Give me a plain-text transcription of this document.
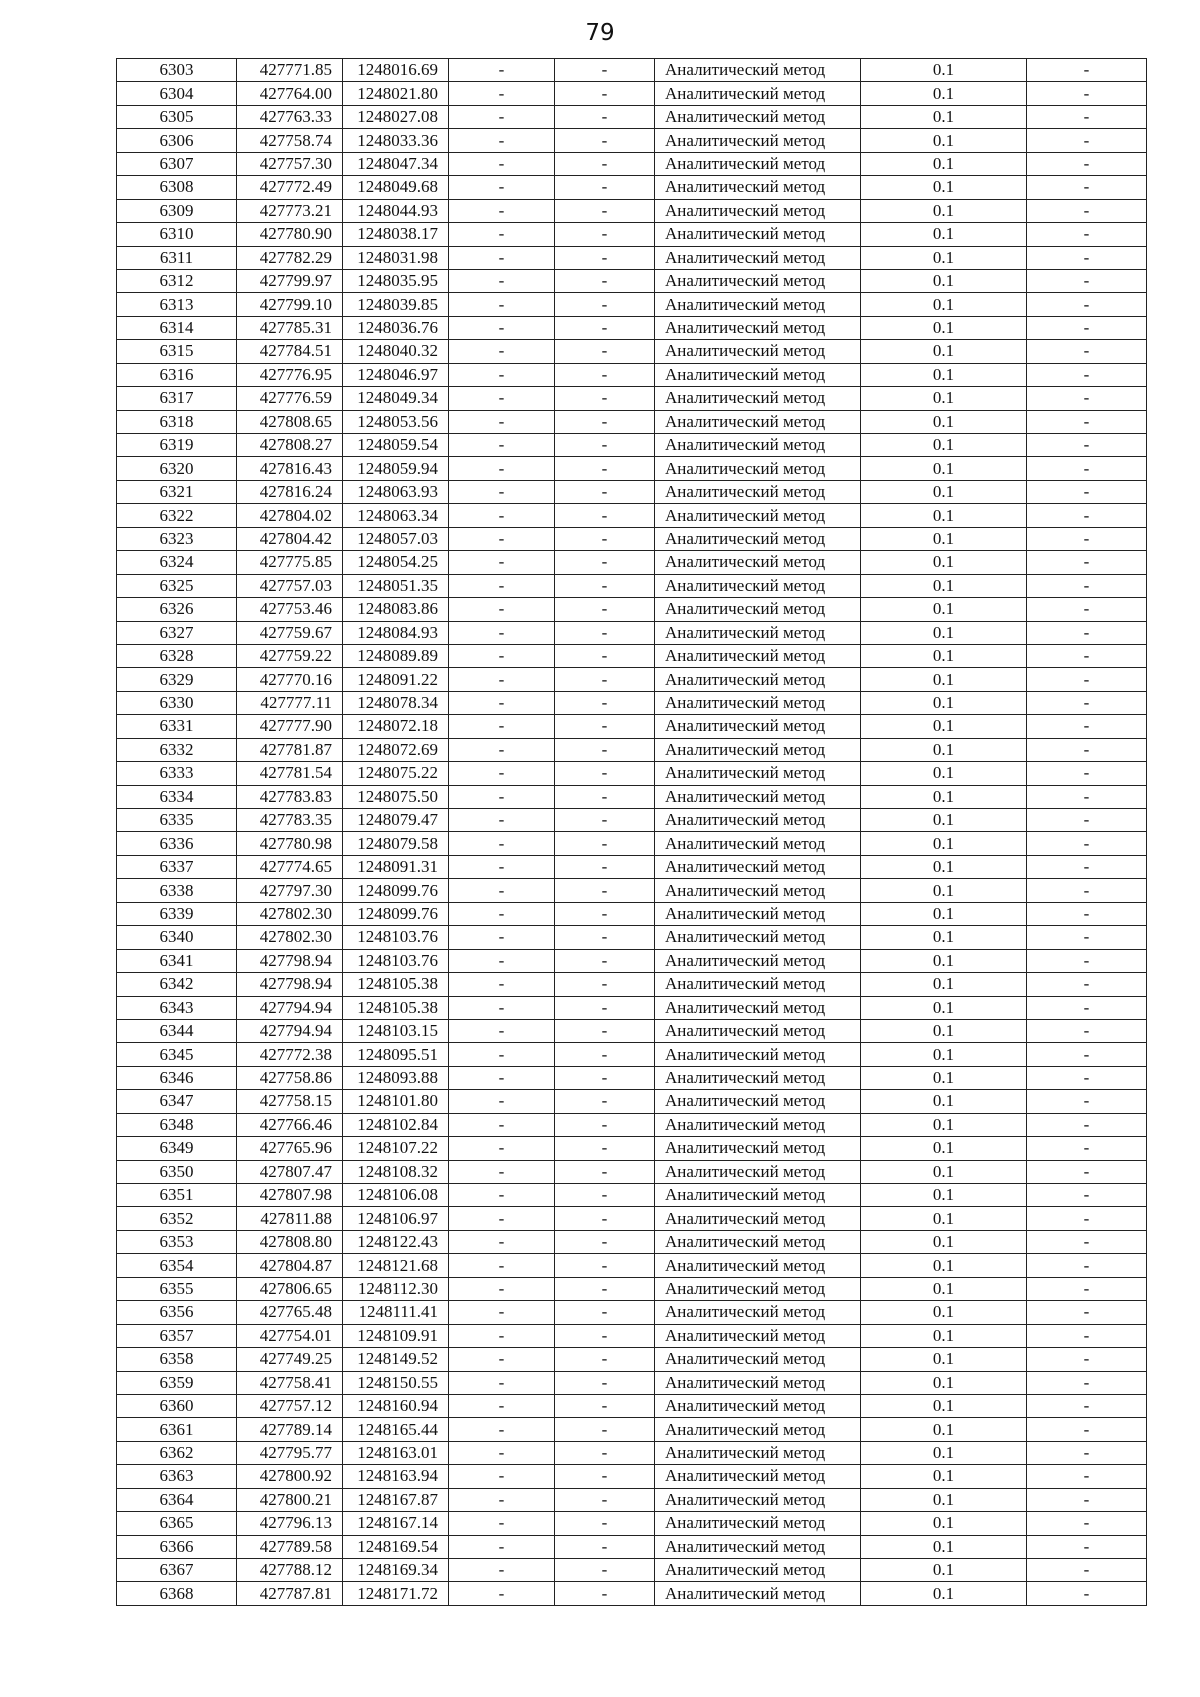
79
6303	427771.85	1248016.69	-	-	Аналитический метод	0.1	-
6304	427764.00	1248021.80	-	-	Аналитический метод	0.1	-
6305	427763.33	1248027.08	-	-	Аналитический метод	0.1	-
6306	427758.74	1248033.36	-	-	Аналитический метод	0.1	-
6307	427757.30	1248047.34	-	-	Аналитический метод	0.1	-
6308	427772.49	1248049.68	-	-	Аналитический метод	0.1	-
6309	427773.21	1248044.93	-	-	Аналитический метод	0.1	-
6310	427780.90	1248038.17	-	-	Аналитический метод	0.1	-
6311	427782.29	1248031.98	-	-	Аналитический метод	0.1	-
6312	427799.97	1248035.95	-	-	Аналитический метод	0.1	-
6313	427799.10	1248039.85	-	-	Аналитический метод	0.1	-
6314	427785.31	1248036.76	-	-	Аналитический метод	0.1	-
6315	427784.51	1248040.32	-	-	Аналитический метод	0.1	-
6316	427776.95	1248046.97	-	-	Аналитический метод	0.1	-
6317	427776.59	1248049.34	-	-	Аналитический метод	0.1	-
6318	427808.65	1248053.56	-	-	Аналитический метод	0.1	-
6319	427808.27	1248059.54	-	-	Аналитический метод	0.1	-
6320	427816.43	1248059.94	-	-	Аналитический метод	0.1	-
6321	427816.24	1248063.93	-	-	Аналитический метод	0.1	-
6322	427804.02	1248063.34	-	-	Аналитический метод	0.1	-
6323	427804.42	1248057.03	-	-	Аналитический метод	0.1	-
6324	427775.85	1248054.25	-	-	Аналитический метод	0.1	-
6325	427757.03	1248051.35	-	-	Аналитический метод	0.1	-
6326	427753.46	1248083.86	-	-	Аналитический метод	0.1	-
6327	427759.67	1248084.93	-	-	Аналитический метод	0.1	-
6328	427759.22	1248089.89	-	-	Аналитический метод	0.1	-
6329	427770.16	1248091.22	-	-	Аналитический метод	0.1	-
6330	427777.11	1248078.34	-	-	Аналитический метод	0.1	-
6331	427777.90	1248072.18	-	-	Аналитический метод	0.1	-
6332	427781.87	1248072.69	-	-	Аналитический метод	0.1	-
6333	427781.54	1248075.22	-	-	Аналитический метод	0.1	-
6334	427783.83	1248075.50	-	-	Аналитический метод	0.1	-
6335	427783.35	1248079.47	-	-	Аналитический метод	0.1	-
6336	427780.98	1248079.58	-	-	Аналитический метод	0.1	-
6337	427774.65	1248091.31	-	-	Аналитический метод	0.1	-
6338	427797.30	1248099.76	-	-	Аналитический метод	0.1	-
6339	427802.30	1248099.76	-	-	Аналитический метод	0.1	-
6340	427802.30	1248103.76	-	-	Аналитический метод	0.1	-
6341	427798.94	1248103.76	-	-	Аналитический метод	0.1	-
6342	427798.94	1248105.38	-	-	Аналитический метод	0.1	-
6343	427794.94	1248105.38	-	-	Аналитический метод	0.1	-
6344	427794.94	1248103.15	-	-	Аналитический метод	0.1	-
6345	427772.38	1248095.51	-	-	Аналитический метод	0.1	-
6346	427758.86	1248093.88	-	-	Аналитический метод	0.1	-
6347	427758.15	1248101.80	-	-	Аналитический метод	0.1	-
6348	427766.46	1248102.84	-	-	Аналитический метод	0.1	-
6349	427765.96	1248107.22	-	-	Аналитический метод	0.1	-
6350	427807.47	1248108.32	-	-	Аналитический метод	0.1	-
6351	427807.98	1248106.08	-	-	Аналитический метод	0.1	-
6352	427811.88	1248106.97	-	-	Аналитический метод	0.1	-
6353	427808.80	1248122.43	-	-	Аналитический метод	0.1	-
6354	427804.87	1248121.68	-	-	Аналитический метод	0.1	-
6355	427806.65	1248112.30	-	-	Аналитический метод	0.1	-
6356	427765.48	1248111.41	-	-	Аналитический метод	0.1	-
6357	427754.01	1248109.91	-	-	Аналитический метод	0.1	-
6358	427749.25	1248149.52	-	-	Аналитический метод	0.1	-
6359	427758.41	1248150.55	-	-	Аналитический метод	0.1	-
6360	427757.12	1248160.94	-	-	Аналитический метод	0.1	-
6361	427789.14	1248165.44	-	-	Аналитический метод	0.1	-
6362	427795.77	1248163.01	-	-	Аналитический метод	0.1	-
6363	427800.92	1248163.94	-	-	Аналитический метод	0.1	-
6364	427800.21	1248167.87	-	-	Аналитический метод	0.1	-
6365	427796.13	1248167.14	-	-	Аналитический метод	0.1	-
6366	427789.58	1248169.54	-	-	Аналитический метод	0.1	-
6367	427788.12	1248169.34	-	-	Аналитический метод	0.1	-
6368	427787.81	1248171.72	-	-	Аналитический метод	0.1	-
